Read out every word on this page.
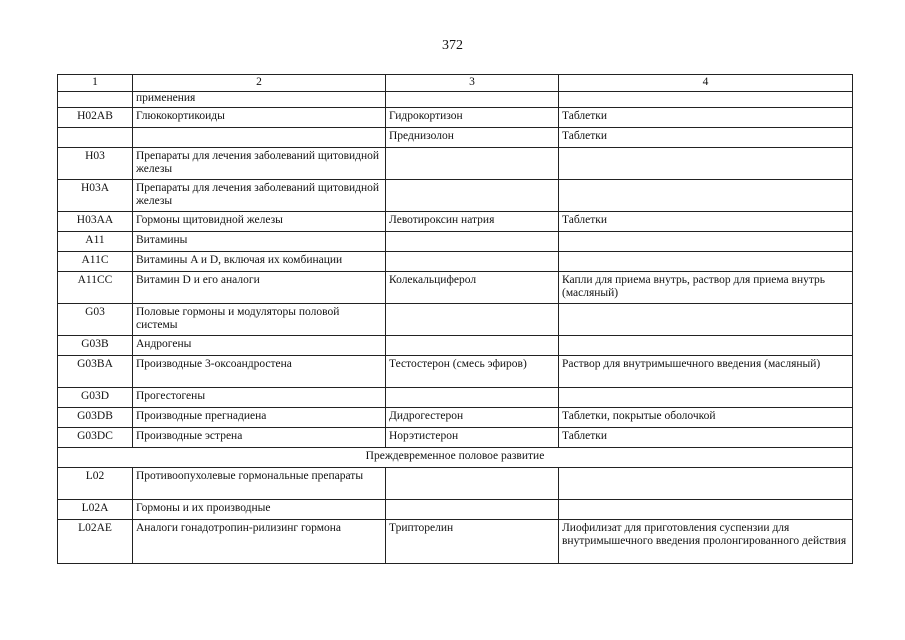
372
1	2	3	4
	применения		
H02AB	Глюкокортикоиды	Гидрокортизон	Таблетки
		Преднизолон	Таблетки
H03	Препараты для лечения заболеваний щитовидной железы		
H03A	Препараты для лечения заболеваний щитовидной железы		
H03AA	Гормоны щитовидной железы	Левотироксин натрия	Таблетки
A11	Витамины		
A11C	Витамины A и D, включая их комбинации		
A11CC	Витамин D и его аналоги	Колекальциферол	Капли для приема внутрь, раствор для приема внутрь (масляный)
G03	Половые гормоны и модуляторы половой системы		
G03B	Андрогены		
G03BA	Производные 3-оксоандростена	Тестостерон (смесь эфиров)	Раствор для внутримышечного введения (масляный)
G03D	Прогестогены		
G03DB	Производные прегнадиена	Дидрогестерон	Таблетки, покрытые оболочкой
G03DC	Производные эстрена	Норэтистерон	Таблетки
Преждевременное половое развитие			
L02	Противоопухолевые гормональные препараты		
L02A	Гормоны и их производные		
L02AE	Аналоги гонадотропин-рилизинг гормона	Трипторелин	Лиофилизат для приготовления суспензии для внутримышечного введения пролонгированного действия
